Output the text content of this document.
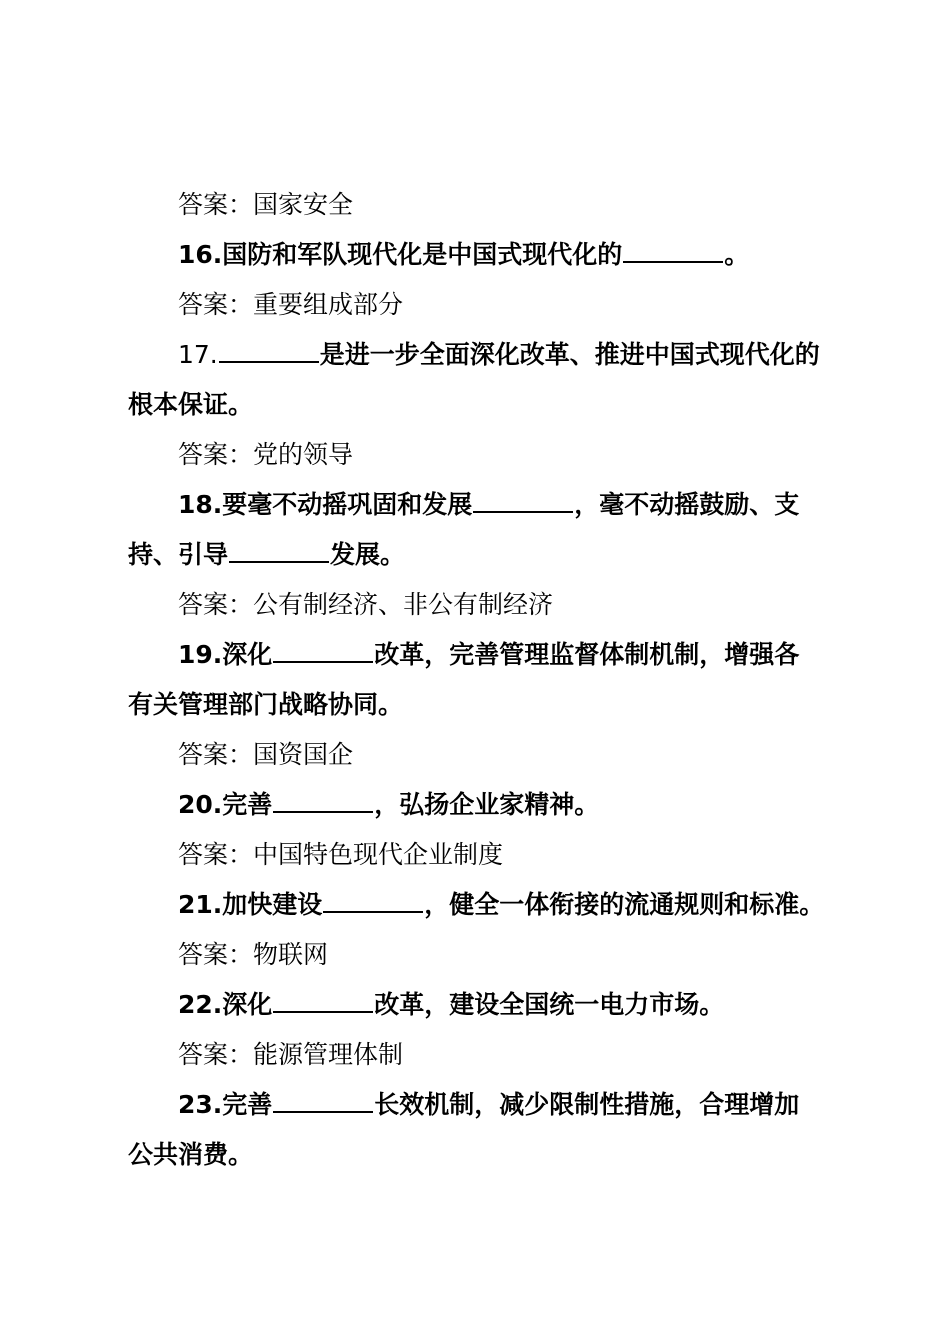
答案：国家安全
16.国防和军队现代化是中国式现代化的	。
答案：重要组成部分
17.	是进一步全面深化改革、推进中国式现代化的
根本保证。
答案：党的领导
18.要毫不动摇巩固和发展	，毫不动摇鼓励、支
持、引导	发展。
答案：公有制经济、非公有制经济
19.深化	改革，完善管理监督体制机制，增强各
有关管理部门战略协同。
答案：国资国企
20.完善	，弘扬企业家精神。
答案：中国特色现代企业制度
21.加快建设	，健全一体衔接的流通规则和标准。
答案：物联网
22.深化	改革，建设全国统一电力市场。
答案：能源管理体制
23.完善	长效机制，减少限制性措施，合理增加
公共消费。
